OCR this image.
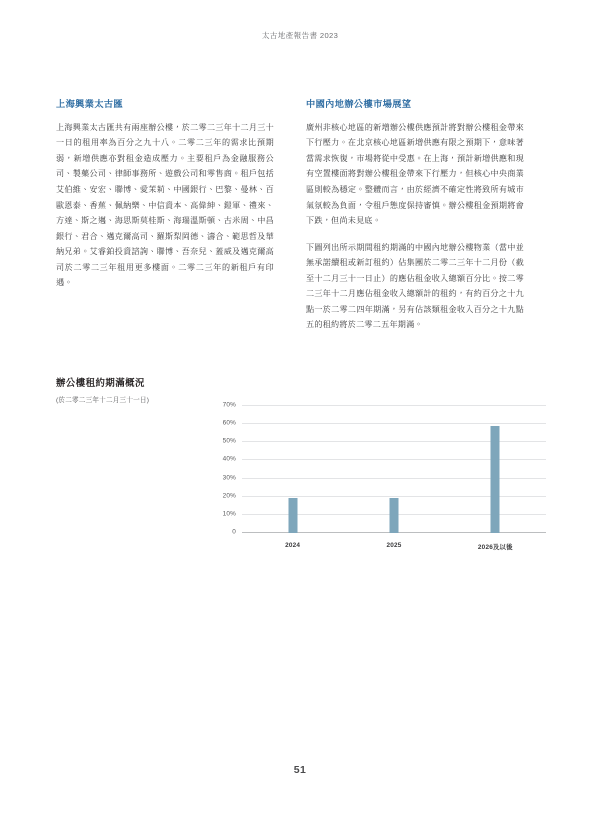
太古地產報告書 2023
上海興業太古匯

上海興業太古匯共有兩座辦公樓，於二零二三年十二月三十一日的租用率為百分之九十八。二零二三年的需求比預期弱，新增供應亦對租金造成壓力。主要租戶為金融服務公司、製藥公司、律師事務所、遊戲公司和零售商。租戶包括艾伯維、安宏、聯博、愛茉莉、中國銀行、巴黎、曼林、百歐恩泰、香蕉、佩納樂、中信資本、高偉紳、鎧軍、禮來、方達、斯之邁、海思斯莫桂斯、海瑞溫斯頓、古米周、中昌銀行、君合、邁克爾高司、羅斯梨岡德、濤合、範思哲及華納兄弟。艾睿鉑投資諮詢、聯博、吾奈兒、蓋威及邁克爾高司於二零二三年租用更多樓面。二零二三年的新租戶有印遇。

中國內地辦公樓市場展望

廣州非核心地區的新增辦公樓供應預計將對辦公樓租金帶來下行壓力。在北京核心地區新增供應有限之預期下，意味著當需求恢復，市場將從中受惠。在上海，預計新增供應和現有空置樓面將對辦公樓租金帶來下行壓力，但核心中央商業區則較為穩定。整體而言，由於經濟不確定性將致所有城市氣氛較為負面，令租戶態度保持審慎。辦公樓租金預期將會下跌，但尚未見底。

下圖列出所示期間租約期滿的中國內地辦公樓物業（當中並無承諾續租或新訂租約）佔集團於二零二三年十二月份（截至十二月三十一日止）的應佔租金收入總額百分比。按二零二三年十二月應佔租金收入總額計的租約，有約百分之十九點一於二零二四年期滿，另有佔該類租金收入百分之十九點五的租約將於二零二五年期滿。

辦公樓租約期滿概況

(於二零二三年十二月三十一日)

0
10%
20%
30%
40%
50%
60%
70%
2024	2025	2026及以後
51
